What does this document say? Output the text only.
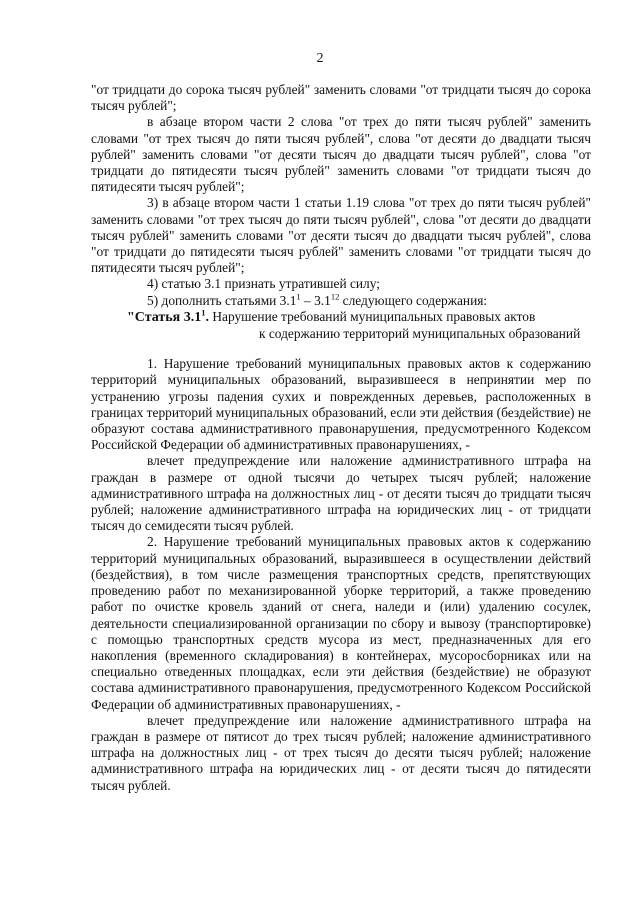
2

"от тридцати до сорока тысяч рублей" заменить словами "от тридцати тысяч до сорока тысяч рублей";

в абзаце втором части 2 слова "от трех до пяти тысяч рублей" заменить словами "от трех тысяч до пяти тысяч рублей", слова "от десяти до двадцати тысяч рублей" заменить словами "от десяти тысяч до двадцати тысяч рублей", слова "от тридцати до пятидесяти тысяч рублей" заменить словами "от тридцати тысяч до пятидесяти тысяч рублей";

3) в абзаце втором части 1 статьи 1.19 слова "от трех до пяти тысяч рублей" заменить словами "от трех тысяч до пяти тысяч рублей", слова "от десяти до двадцати тысяч рублей" заменить словами "от десяти тысяч до двадцати тысяч рублей", слова "от тридцати до пятидесяти тысяч рублей" заменить словами "от тридцати тысяч до пятидесяти тысяч рублей";

4) статью 3.1 признать утратившей силу;

5) дополнить статьями $3.1^1 - 3.1^{12}$ следующего содержания:

"Статья $3.1^1$. Нарушение требований муниципальных правовых актов
к содержанию территорий муниципальных образований

1. Нарушение требований муниципальных правовых актов к содержанию территорий муниципальных образований, выразившееся в непринятии мер по устранению угрозы падения сухих и поврежденных деревьев, расположенных в границах территорий муниципальных образований, если эти действия (бездействие) не образуют состава административного правонарушения, предусмотренного Кодексом Российской Федерации об административных правонарушениях, -

влечет предупреждение или наложение административного штрафа на граждан в размере от одной тысячи до четырех тысяч рублей; наложение административного штрафа на должностных лиц - от десяти тысяч до тридцати тысяч рублей; наложение административного штрафа на юридических лиц - от тридцати тысяч до семидесяти тысяч рублей.

2. Нарушение требований муниципальных правовых актов к содержанию территорий муниципальных образований, выразившееся в осуществлении действий (бездействия), в том числе размещения транспортных средств, препятствующих проведению работ по механизированной уборке территорий, а также проведению работ по очистке кровель зданий от снега, наледи и (или) удалению сосулек, деятельности специализированной организации по сбору и вывозу (транспортировке) с помощью транспортных средств мусора из мест, предназначенных для его накопления (временного складирования) в контейнерах, мусоросборниках или на специально отведенных площадках, если эти действия (бездействие) не образуют состава административного правонарушения, предусмотренного Кодексом Российской Федерации об административных правонарушениях, -

влечет предупреждение или наложение административного штрафа на граждан в размере от пятисот до трех тысяч рублей; наложение административного штрафа на должностных лиц - от трех тысяч до десяти тысяч рублей; наложение административного штрафа на юридических лиц - от десяти тысяч до пятидесяти тысяч рублей.
